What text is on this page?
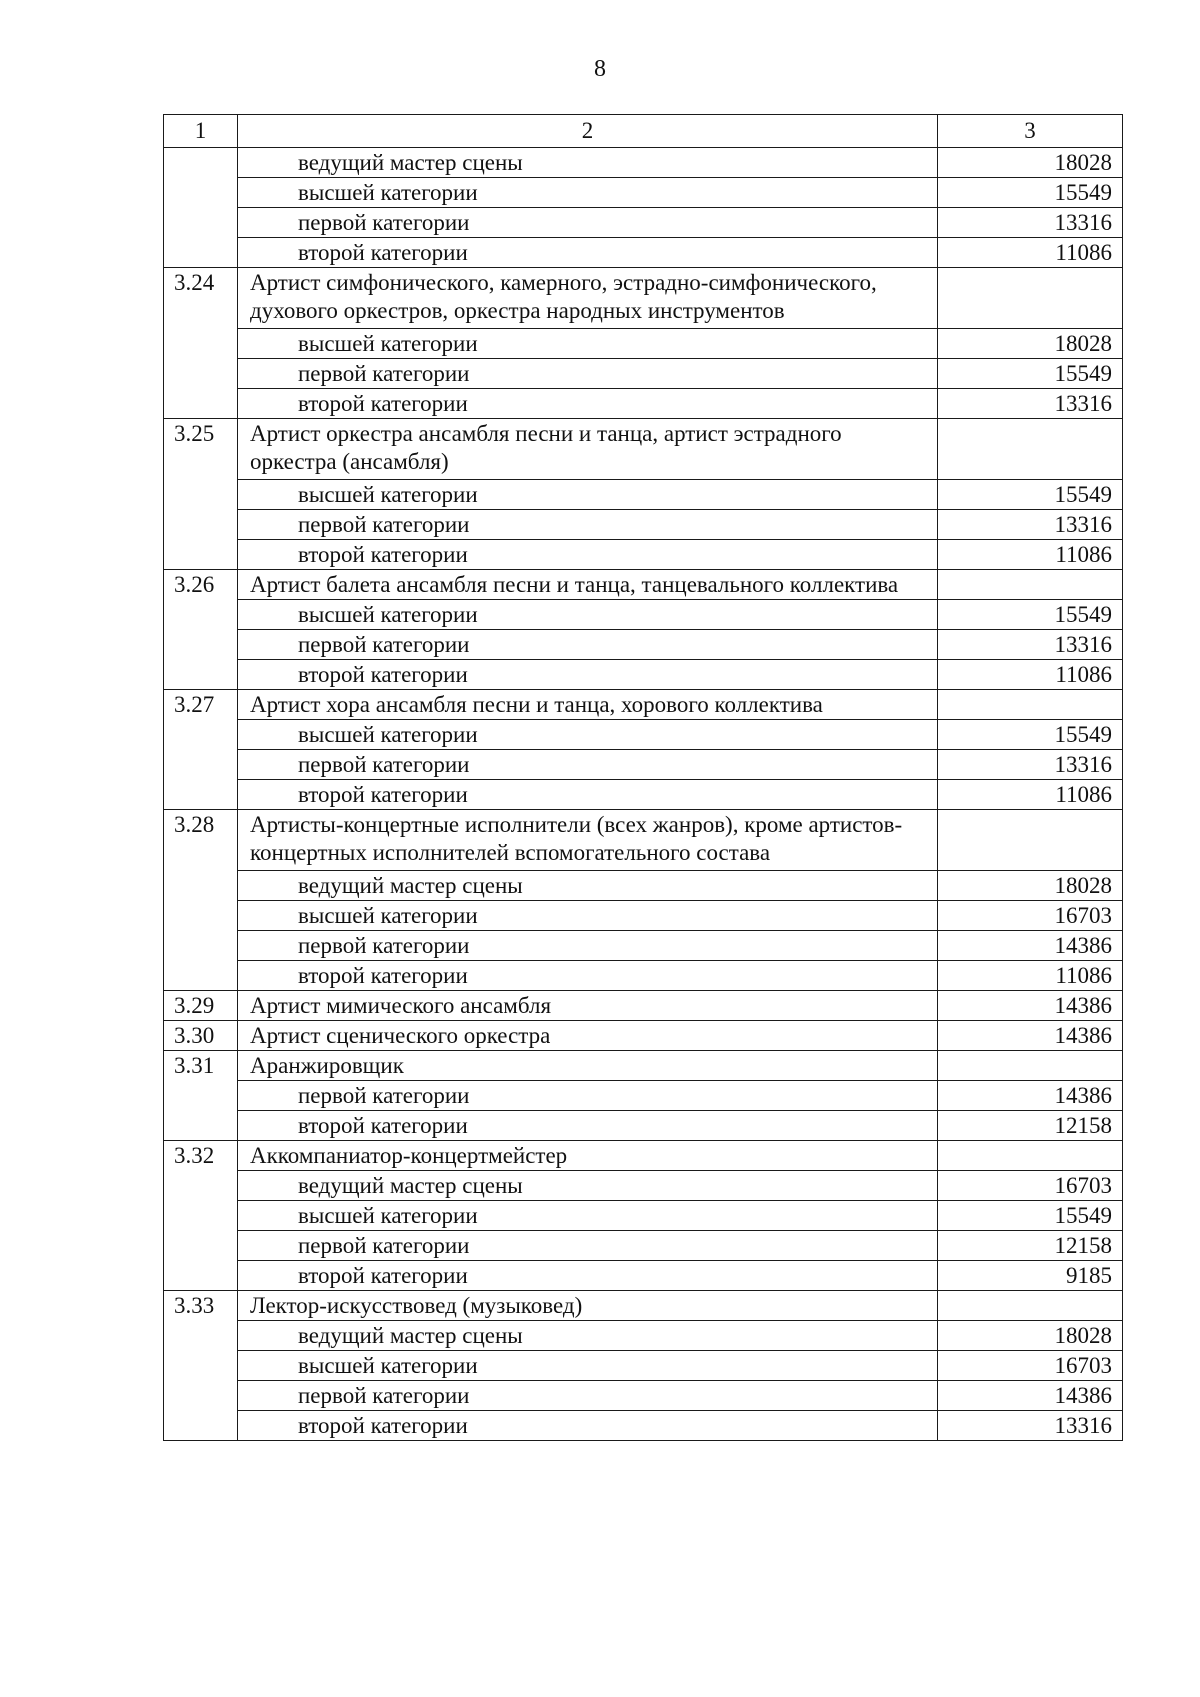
8
1	2	3
	ведущий мастер сцены	18028
	высшей категории	15549
	первой категории	13316
	второй категории	11086
3.24	Артист симфонического, камерного, эстрадно-симфонического, духового оркестров, оркестра народных инструментов	
	высшей категории	18028
	первой категории	15549
	второй категории	13316
3.25	Артист оркестра ансамбля песни и танца, артист эстрадного оркестра (ансамбля)	
	высшей категории	15549
	первой категории	13316
	второй категории	11086
3.26	Артист балета ансамбля песни и танца, танцевального коллектива	
	высшей категории	15549
	первой категории	13316
	второй категории	11086
3.27	Артист хора ансамбля песни и танца, хорового коллектива	
	высшей категории	15549
	первой категории	13316
	второй категории	11086
3.28	Артисты-концертные исполнители (всех жанров), кроме артистов-концертных исполнителей вспомогательного состава	
	ведущий мастер сцены	18028
	высшей категории	16703
	первой категории	14386
	второй категории	11086
3.29	Артист мимического ансамбля	14386
3.30	Артист сценического оркестра	14386
3.31	Аранжировщик	
	первой категории	14386
	второй категории	12158
3.32	Аккомпаниатор-концертмейстер	
	ведущий мастер сцены	16703
	высшей категории	15549
	первой категории	12158
	второй категории	9185
3.33	Лектор-искусствовед (музыковед)	
	ведущий мастер сцены	18028
	высшей категории	16703
	первой категории	14386
	второй категории	13316
